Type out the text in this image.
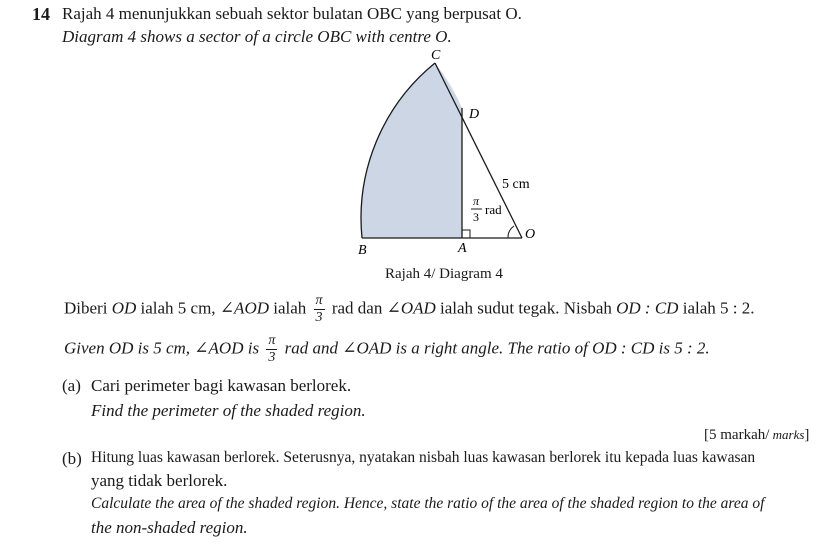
14 Rajah 4 menunjukkan sebuah sektor bulatan OBC yang berpusat O.
Diagram 4 shows a sector of a circle OBC with centre O.
C
D
B	A
O
5 cm
π
3 rad
Rajah 4/ Diagram 4
Diberi OD ialah 5 cm, ∠AOD ialah $\frac{\pi}{3}$ rad dan ∠OAD ialah sudut tegak. Nisbah OD : CD ialah 5 : 2.
Given OD is 5 cm, ∠AOD is $\frac{\pi}{3}$ rad and ∠OAD is a right angle. The ratio of OD : CD is 5 : 2.
(a) Cari perimeter bagi kawasan berlorek.
Find the perimeter of the shaded region.
[5 markah/ marks]
(b) Hitung luas kawasan berlorek. Seterusnya, nyatakan nisbah luas kawasan berlorek itu kepada luas kawasan
yang tidak berlorek.
Calculate the area of the shaded region. Hence, state the ratio of the area of the shaded region to the area of
the non-shaded region.
